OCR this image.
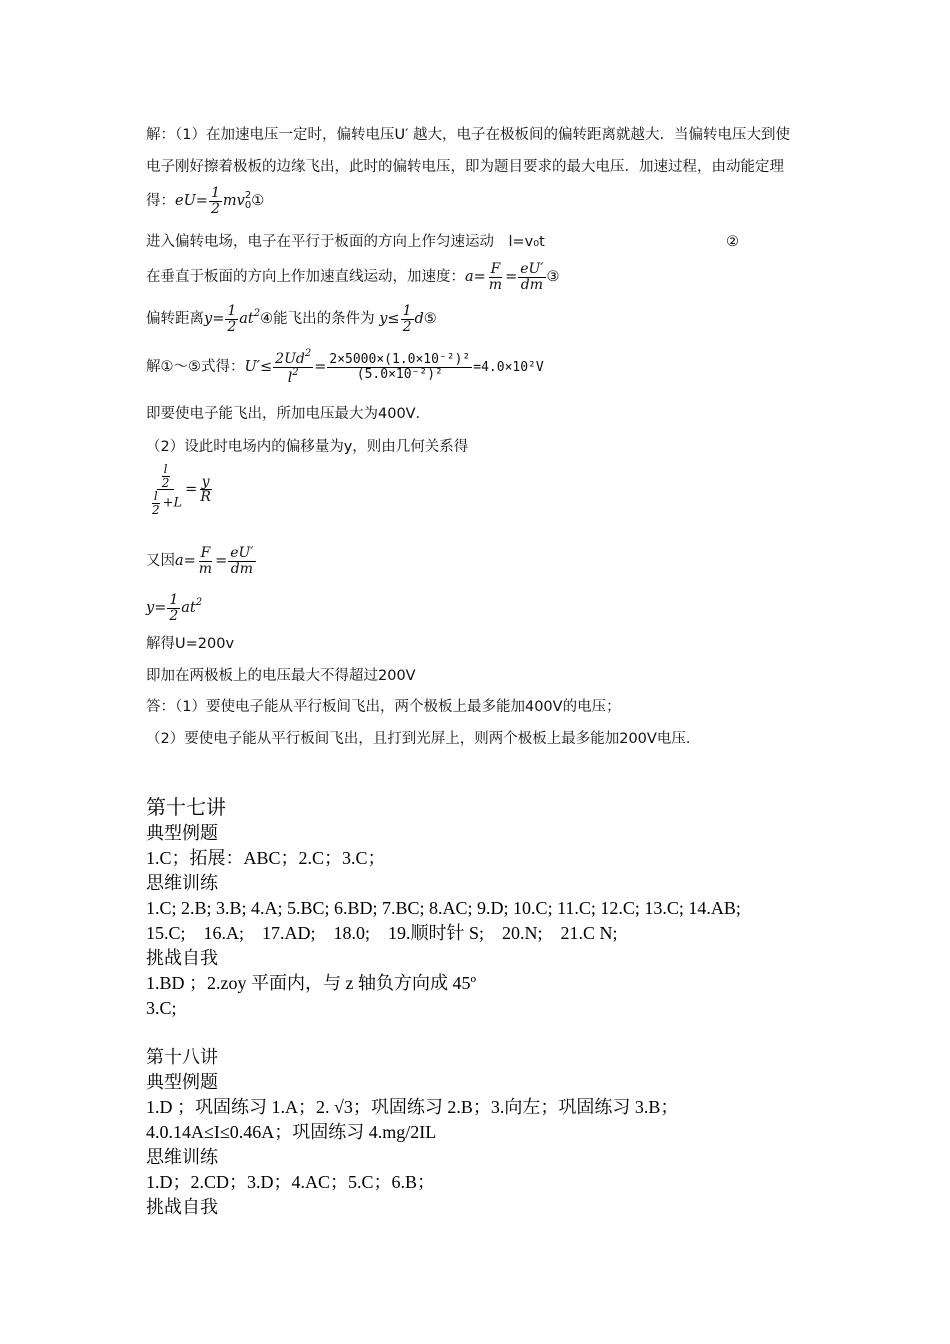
解：（1）在加速电压一定时，偏转电压U′ 越大，电子在极板间的偏转距离就越大．当偏转电压大到使
电子刚好擦着极板的边缘飞出，此时的偏转电压，即为题目要求的最大电压．加速过程，由动能定理
得：$eU= \frac{1}{2}$ mv 2
0 ①
进入偏转电场，电子在平行于板面的方向上作匀速运动　l=v₀t	②
在垂直于板面的方向上作加速直线运动，加速度：$a= \frac{F}{m} = \frac{eU'}{dm}$ ③
偏转距离$y= \frac{1}{2}$ $at^2④$能飞出的条件为 $y\le \frac{1}{2}$ d⑤
解①～⑤式得：$U'\le \frac{2Ud^2}{l^2} = \frac{\text{2×5000×(1.0×10⁻²)²}}{\text{(5.0×10⁻²)²}} =4.0\times 10^2V$
即要使电子能飞出，所加电压最大为400V．
（2）设此时电场内的偏移量为y，则由几何关系得
$\frac{\frac{l}{2}}{\frac{l}{2} +L} = \frac{y}{R}$
又因$a= \frac{F}{m} = \frac{eU'}{dm}$
$y= \frac{1}{2} at^2$
解得U=200v
即加在两极板上的电压最大不得超过200V
答：（1）要使电子能从平行板间飞出，两个极板上最多能加400V的电压；
（2）要使电子能从平行板间飞出，且打到光屏上，则两个极板上最多能加200V电压．
第十七讲
典型例题
1.C；拓展：ABC；2.C；3.C；
思维训练
1.C; 2.B; 3.B; 4.A; 5.BC; 6.BD; 7.BC; 8.AC; 9.D; 10.C; 11.C; 12.C; 13.C; 14.AB;
15.C;　16.A;　17.AD;　18.0;　19.顺时针 S;　20.N;　21.C N;
挑战自我
1.BD ；2.zoy 平面内，与 z 轴负方向成 45º
3.C;
第十八讲
典型例题
1.D ；巩固练习 1.A；2. √3；巩固练习 2.B；3.向左；巩固练习 3.B；
4.0.14A≤I≤0.46A；巩固练习 4.mg/2IL
思维训练
1.D；2.CD；3.D；4.AC；5.C；6.B；
挑战自我
